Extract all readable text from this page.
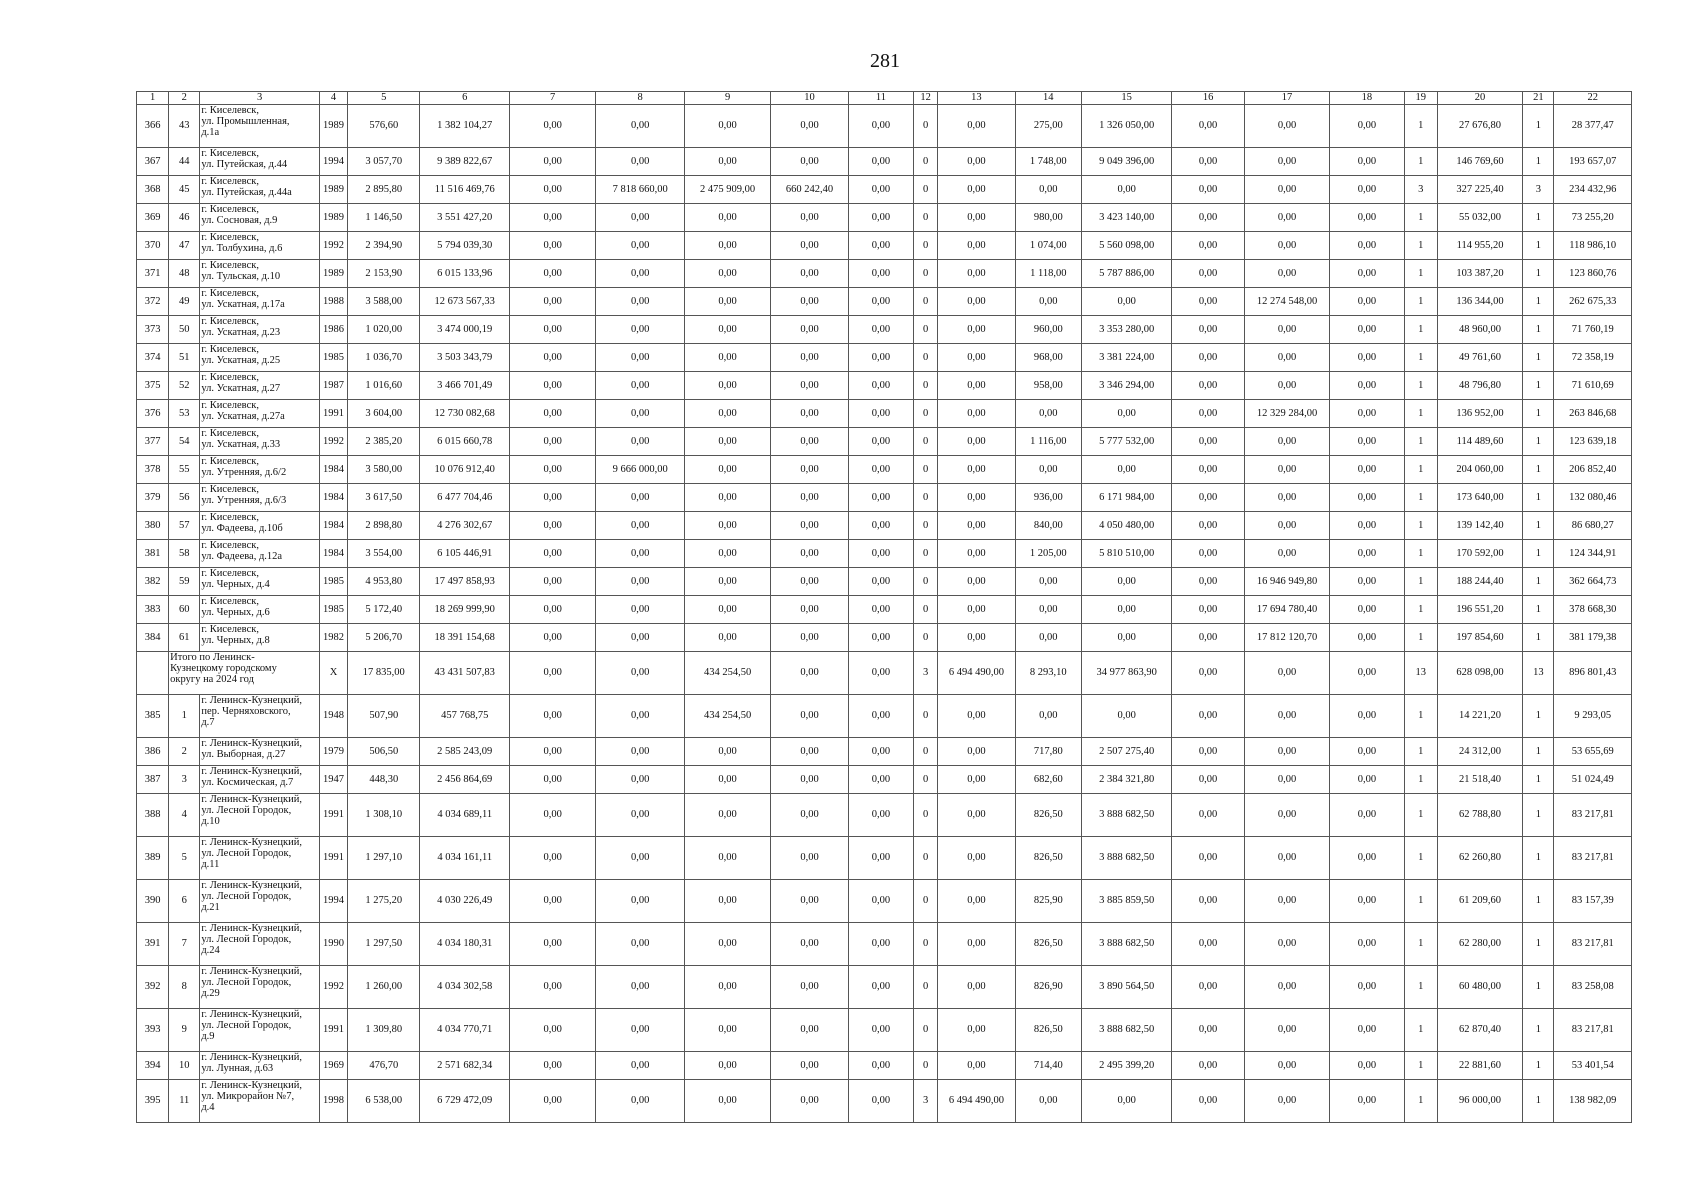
281
1	2	3	4	5	6	7	8	9	10	11	12	13	14	15	16	17	18	19	20	21	22
366	43	г. Киселевск,
ул. Промышленная,
д.1а	1989	576,60	1 382 104,27	0,00	0,00	0,00	0,00	0,00	0	0,00	275,00	1 326 050,00	0,00	0,00	0,00	1	27 676,80	1	28 377,47
367	44	г. Киселевск,
ул. Путейская, д.44	1994	3 057,70	9 389 822,67	0,00	0,00	0,00	0,00	0,00	0	0,00	1 748,00	9 049 396,00	0,00	0,00	0,00	1	146 769,60	1	193 657,07
368	45	г. Киселевск,
ул. Путейская, д.44а	1989	2 895,80	11 516 469,76	0,00	7 818 660,00	2 475 909,00	660 242,40	0,00	0	0,00	0,00	0,00	0,00	0,00	0,00	3	327 225,40	3	234 432,96
369	46	г. Киселевск,
ул. Сосновая, д.9	1989	1 146,50	3 551 427,20	0,00	0,00	0,00	0,00	0,00	0	0,00	980,00	3 423 140,00	0,00	0,00	0,00	1	55 032,00	1	73 255,20
370	47	г. Киселевск,
ул. Толбухина, д.6	1992	2 394,90	5 794 039,30	0,00	0,00	0,00	0,00	0,00	0	0,00	1 074,00	5 560 098,00	0,00	0,00	0,00	1	114 955,20	1	118 986,10
371	48	г. Киселевск,
ул. Тульская, д.10	1989	2 153,90	6 015 133,96	0,00	0,00	0,00	0,00	0,00	0	0,00	1 118,00	5 787 886,00	0,00	0,00	0,00	1	103 387,20	1	123 860,76
372	49	г. Киселевск,
ул. Ускатная, д.17а	1988	3 588,00	12 673 567,33	0,00	0,00	0,00	0,00	0,00	0	0,00	0,00	0,00	0,00	12 274 548,00	0,00	1	136 344,00	1	262 675,33
373	50	г. Киселевск,
ул. Ускатная, д.23	1986	1 020,00	3 474 000,19	0,00	0,00	0,00	0,00	0,00	0	0,00	960,00	3 353 280,00	0,00	0,00	0,00	1	48 960,00	1	71 760,19
374	51	г. Киселевск,
ул. Ускатная, д.25	1985	1 036,70	3 503 343,79	0,00	0,00	0,00	0,00	0,00	0	0,00	968,00	3 381 224,00	0,00	0,00	0,00	1	49 761,60	1	72 358,19
375	52	г. Киселевск,
ул. Ускатная, д.27	1987	1 016,60	3 466 701,49	0,00	0,00	0,00	0,00	0,00	0	0,00	958,00	3 346 294,00	0,00	0,00	0,00	1	48 796,80	1	71 610,69
376	53	г. Киселевск,
ул. Ускатная, д.27а	1991	3 604,00	12 730 082,68	0,00	0,00	0,00	0,00	0,00	0	0,00	0,00	0,00	0,00	12 329 284,00	0,00	1	136 952,00	1	263 846,68
377	54	г. Киселевск,
ул. Ускатная, д.33	1992	2 385,20	6 015 660,78	0,00	0,00	0,00	0,00	0,00	0	0,00	1 116,00	5 777 532,00	0,00	0,00	0,00	1	114 489,60	1	123 639,18
378	55	г. Киселевск,
ул. Утренняя, д.6/2	1984	3 580,00	10 076 912,40	0,00	9 666 000,00	0,00	0,00	0,00	0	0,00	0,00	0,00	0,00	0,00	0,00	1	204 060,00	1	206 852,40
379	56	г. Киселевск,
ул. Утренняя, д.6/3	1984	3 617,50	6 477 704,46	0,00	0,00	0,00	0,00	0,00	0	0,00	936,00	6 171 984,00	0,00	0,00	0,00	1	173 640,00	1	132 080,46
380	57	г. Киселевск,
ул. Фадеева, д.10б	1984	2 898,80	4 276 302,67	0,00	0,00	0,00	0,00	0,00	0	0,00	840,00	4 050 480,00	0,00	0,00	0,00	1	139 142,40	1	86 680,27
381	58	г. Киселевск,
ул. Фадеева, д.12а	1984	3 554,00	6 105 446,91	0,00	0,00	0,00	0,00	0,00	0	0,00	1 205,00	5 810 510,00	0,00	0,00	0,00	1	170 592,00	1	124 344,91
382	59	г. Киселевск,
ул. Черных, д.4	1985	4 953,80	17 497 858,93	0,00	0,00	0,00	0,00	0,00	0	0,00	0,00	0,00	0,00	16 946 949,80	0,00	1	188 244,40	1	362 664,73
383	60	г. Киселевск,
ул. Черных, д.6	1985	5 172,40	18 269 999,90	0,00	0,00	0,00	0,00	0,00	0	0,00	0,00	0,00	0,00	17 694 780,40	0,00	1	196 551,20	1	378 668,30
384	61	г. Киселевск,
ул. Черных, д.8	1982	5 206,70	18 391 154,68	0,00	0,00	0,00	0,00	0,00	0	0,00	0,00	0,00	0,00	17 812 120,70	0,00	1	197 854,60	1	381 179,38
	Итого по Ленинск-
Кузнецкому городскому
округу на 2024 год		X	17 835,00	43 431 507,83	0,00	0,00	434 254,50	0,00	0,00	3	6 494 490,00	8 293,10	34 977 863,90	0,00	0,00	0,00	13	628 098,00	13	896 801,43
385	1	г. Ленинск-Кузнецкий,
пер. Черняховского,
д.7	1948	507,90	457 768,75	0,00	0,00	434 254,50	0,00	0,00	0	0,00	0,00	0,00	0,00	0,00	0,00	1	14 221,20	1	9 293,05
386	2	г. Ленинск-Кузнецкий,
ул. Выборная, д.27	1979	506,50	2 585 243,09	0,00	0,00	0,00	0,00	0,00	0	0,00	717,80	2 507 275,40	0,00	0,00	0,00	1	24 312,00	1	53 655,69
387	3	г. Ленинск-Кузнецкий,
ул. Космическая, д.7	1947	448,30	2 456 864,69	0,00	0,00	0,00	0,00	0,00	0	0,00	682,60	2 384 321,80	0,00	0,00	0,00	1	21 518,40	1	51 024,49
388	4	г. Ленинск-Кузнецкий,
ул. Лесной Городок,
д.10	1991	1 308,10	4 034 689,11	0,00	0,00	0,00	0,00	0,00	0	0,00	826,50	3 888 682,50	0,00	0,00	0,00	1	62 788,80	1	83 217,81
389	5	г. Ленинск-Кузнецкий,
ул. Лесной Городок,
д.11	1991	1 297,10	4 034 161,11	0,00	0,00	0,00	0,00	0,00	0	0,00	826,50	3 888 682,50	0,00	0,00	0,00	1	62 260,80	1	83 217,81
390	6	г. Ленинск-Кузнецкий,
ул. Лесной Городок,
д.21	1994	1 275,20	4 030 226,49	0,00	0,00	0,00	0,00	0,00	0	0,00	825,90	3 885 859,50	0,00	0,00	0,00	1	61 209,60	1	83 157,39
391	7	г. Ленинск-Кузнецкий,
ул. Лесной Городок,
д.24	1990	1 297,50	4 034 180,31	0,00	0,00	0,00	0,00	0,00	0	0,00	826,50	3 888 682,50	0,00	0,00	0,00	1	62 280,00	1	83 217,81
392	8	г. Ленинск-Кузнецкий,
ул. Лесной Городок,
д.29	1992	1 260,00	4 034 302,58	0,00	0,00	0,00	0,00	0,00	0	0,00	826,90	3 890 564,50	0,00	0,00	0,00	1	60 480,00	1	83 258,08
393	9	г. Ленинск-Кузнецкий,
ул. Лесной Городок,
д.9	1991	1 309,80	4 034 770,71	0,00	0,00	0,00	0,00	0,00	0	0,00	826,50	3 888 682,50	0,00	0,00	0,00	1	62 870,40	1	83 217,81
394	10	г. Ленинск-Кузнецкий,
ул. Лунная, д.63	1969	476,70	2 571 682,34	0,00	0,00	0,00	0,00	0,00	0	0,00	714,40	2 495 399,20	0,00	0,00	0,00	1	22 881,60	1	53 401,54
395	11	г. Ленинск-Кузнецкий,
ул. Микрорайон №7,
д.4	1998	6 538,00	6 729 472,09	0,00	0,00	0,00	0,00	0,00	3	6 494 490,00	0,00	0,00	0,00	0,00	0,00	1	96 000,00	1	138 982,09
